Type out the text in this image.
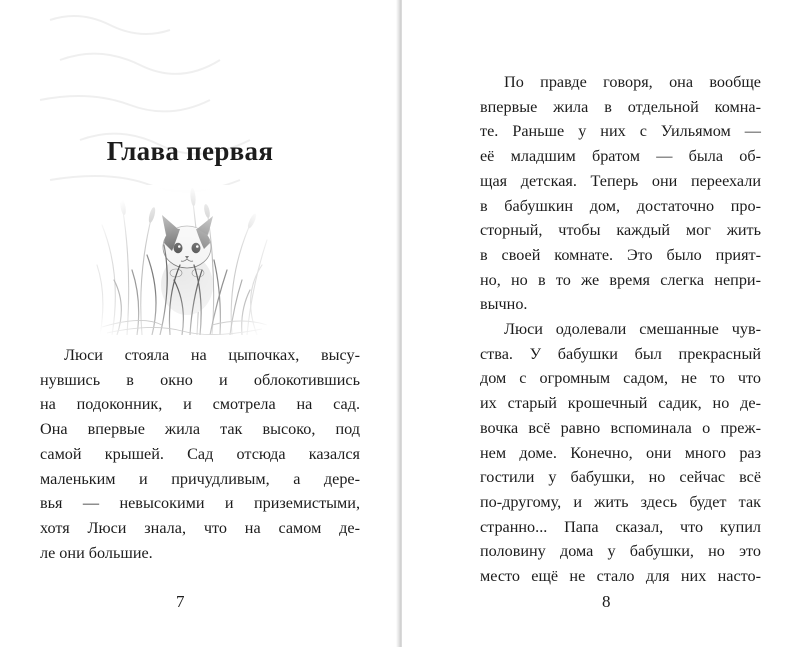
Глава первая
Люси стояла на цыпочках, высу-
нувшись в окно и облокотившись
на подоконник, и смотрела на сад.
Она впервые жила так высоко, под
самой крышей. Сад отсюда казался
маленьким и причудливым, а дере-
вья — невысокими и приземистыми,
хотя Люси знала, что на самом де-
ле они большие.
7
По правде говоря, она вообще
впервые жила в отдельной комна-
те. Раньше у них с Уильямом —
её младшим братом — была об-
щая детская. Теперь они переехали
в бабушкин дом, достаточно про-
сторный, чтобы каждый мог жить
в своей комнате. Это было прият-
но, но в то же время слегка непри-
вычно.
Люси одолевали смешанные чув-
ства. У бабушки был прекрасный
дом с огромным садом, не то что
их старый крошечный садик, но де-
вочка всё равно вспоминала о преж-
нем доме. Конечно, они много раз
гостили у бабушки, но сейчас всё
по-другому, и жить здесь будет так
странно... Папа сказал, что купил
половину дома у бабушки, но это
место ещё не стало для них насто-
8
